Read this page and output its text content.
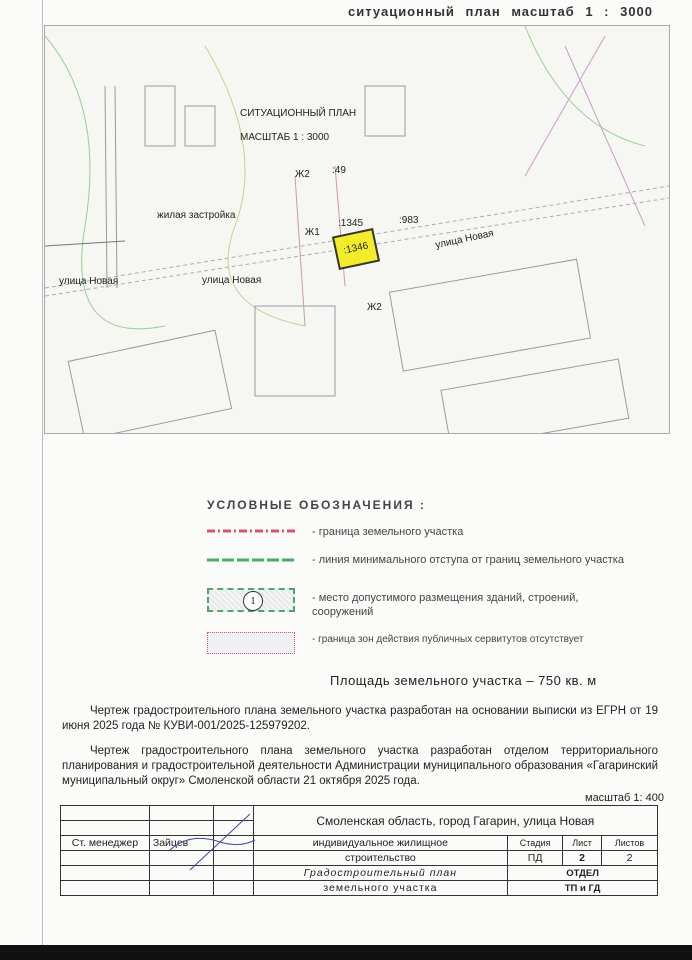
ситуационный план масштаб 1 : 3000
СИТУАЦИОННЫЙ ПЛАН
МАСШТАБ 1 : 3000
Ж2 :49
жилая застройка
:1345	:983
Ж1
:1346	улица Новая
улица Новая	улица Новая
Ж2
УСЛОВНЫЕ ОБОЗНАЧЕНИЯ :
- граница земельного участка
- линия минимального отступа от границ земельного участка
1	- место допустимого размещения зданий, строений, сооружений
- граница зон действия публичных сервитутов отсутствует
Площадь земельного участка – 750 кв. м
Чертеж градостроительного плана земельного участка разработан на основании выписки из ЕГРН от 19 июня 2025 года № КУВИ-001/2025-125979202.
Чертеж градостроительного плана земельного участка разработан отделом территориального планирования и градостроительной деятельности Администрации муниципального образования «Гагаринский муниципальный округ» Смоленской области 21 октября 2025 года.
масштаб 1: 400
			Смоленская область, город Гагарин, улица Новая			

Ст. менеджер	Зайцев		индивидуальное жилищное	Стадия	Лист	Листов
			строительство	ПД	2	2
			Градостроительный план	ОТДЕЛ		
			земельного участка	ТП и ГД		
